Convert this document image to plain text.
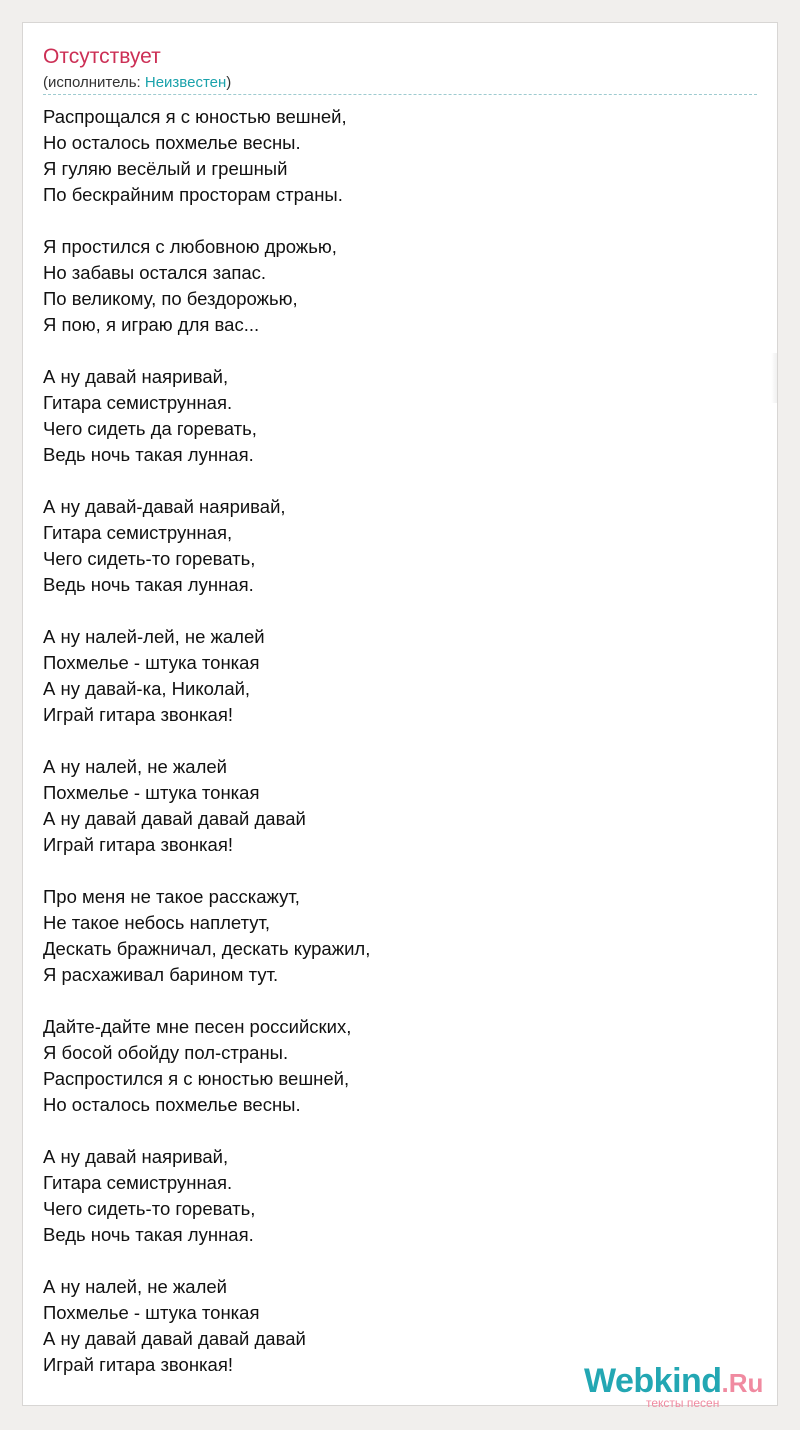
Отсутствует
(исполнитель: Неизвестен)
Распрощался я с юностью вешней,
Но осталось похмелье весны.
Я гуляю весёлый и грешный
По бескрайним просторам страны.
Я простился с любовною дрожью,
Но забавы остался запас.
По великому, по бездорожью,
Я пою, я играю для вас...
А ну давай наяривай,
Гитара семиструнная.
Чего сидеть да горевать,
Ведь ночь такая лунная.
А ну давай-давай наяривай,
Гитара семиструнная,
Чего сидеть-то горевать,
Ведь ночь такая лунная.
А ну налей-лей, не жалей
Похмелье - штука тонкая
А ну давай-ка, Николай,
Играй гитара звонкая!
А ну налей, не жалей
Похмелье - штука тонкая
А ну давай давай давай давай
Играй гитара звонкая!
Про меня не такое расскажут,
Не такое небось наплетут,
Дескать бражничал, дескать куражил,
Я расхаживал барином тут.
Дайте-дайте мне песен российских,
Я босой обойду пол-страны.
Распростился я с юностью вешней,
Но осталось похмелье весны.
А ну давай наяривай,
Гитара семиструнная.
Чего сидеть-то горевать,
Ведь ночь такая лунная.
А ну налей, не жалей
Похмелье - штука тонкая
А ну давай давай давай давай
Играй гитара звонкая!	Webkind.Ru
тексты песен
